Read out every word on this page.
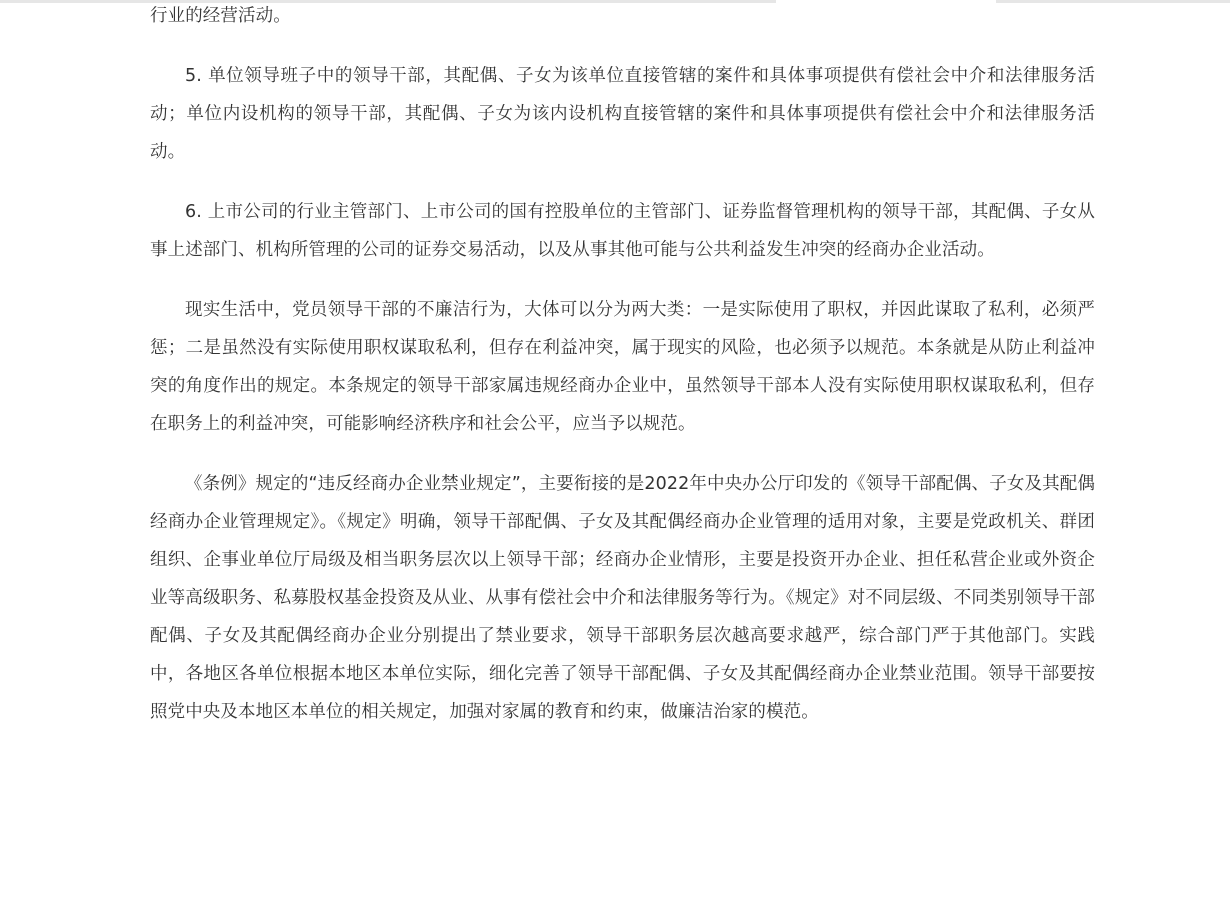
行业的经营活动。

5. 单位领导班子中的领导干部，其配偶、子女为该单位直接管辖的案件和具体事项提供有偿社会中介和法律服务活动；单位内设机构的领导干部，其配偶、子女为该内设机构直接管辖的案件和具体事项提供有偿社会中介和法律服务活动。

6. 上市公司的行业主管部门、上市公司的国有控股单位的主管部门、证券监督管理机构的领导干部，其配偶、子女从事上述部门、机构所管理的公司的证券交易活动，以及从事其他可能与公共利益发生冲突的经商办企业活动。

现实生活中，党员领导干部的不廉洁行为，大体可以分为两大类：一是实际使用了职权，并因此谋取了私利，必须严惩；二是虽然没有实际使用职权谋取私利，但存在利益冲突，属于现实的风险，也必须予以规范。本条就是从防止利益冲突的角度作出的规定。本条规定的领导干部家属违规经商办企业中，虽然领导干部本人没有实际使用职权谋取私利，但存在职务上的利益冲突，可能影响经济秩序和社会公平，应当予以规范。

《条例》规定的“违反经商办企业禁业规定”，主要衔接的是2022年中央办公厅印发的《领导干部配偶、子女及其配偶经商办企业管理规定》。《规定》明确，领导干部配偶、子女及其配偶经商办企业管理的适用对象，主要是党政机关、群团组织、企事业单位厅局级及相当职务层次以上领导干部；经商办企业情形，主要是投资开办企业、担任私营企业或外资企业等高级职务、私募股权基金投资及从业、从事有偿社会中介和法律服务等行为。《规定》对不同层级、不同类别领导干部配偶、子女及其配偶经商办企业分别提出了禁业要求，领导干部职务层次越高要求越严，综合部门严于其他部门。实践中，各地区各单位根据本地区本单位实际，细化完善了领导干部配偶、子女及其配偶经商办企业禁业范围。领导干部要按照党中央及本地区本单位的相关规定，加强对家属的教育和约束，做廉洁治家的模范。
